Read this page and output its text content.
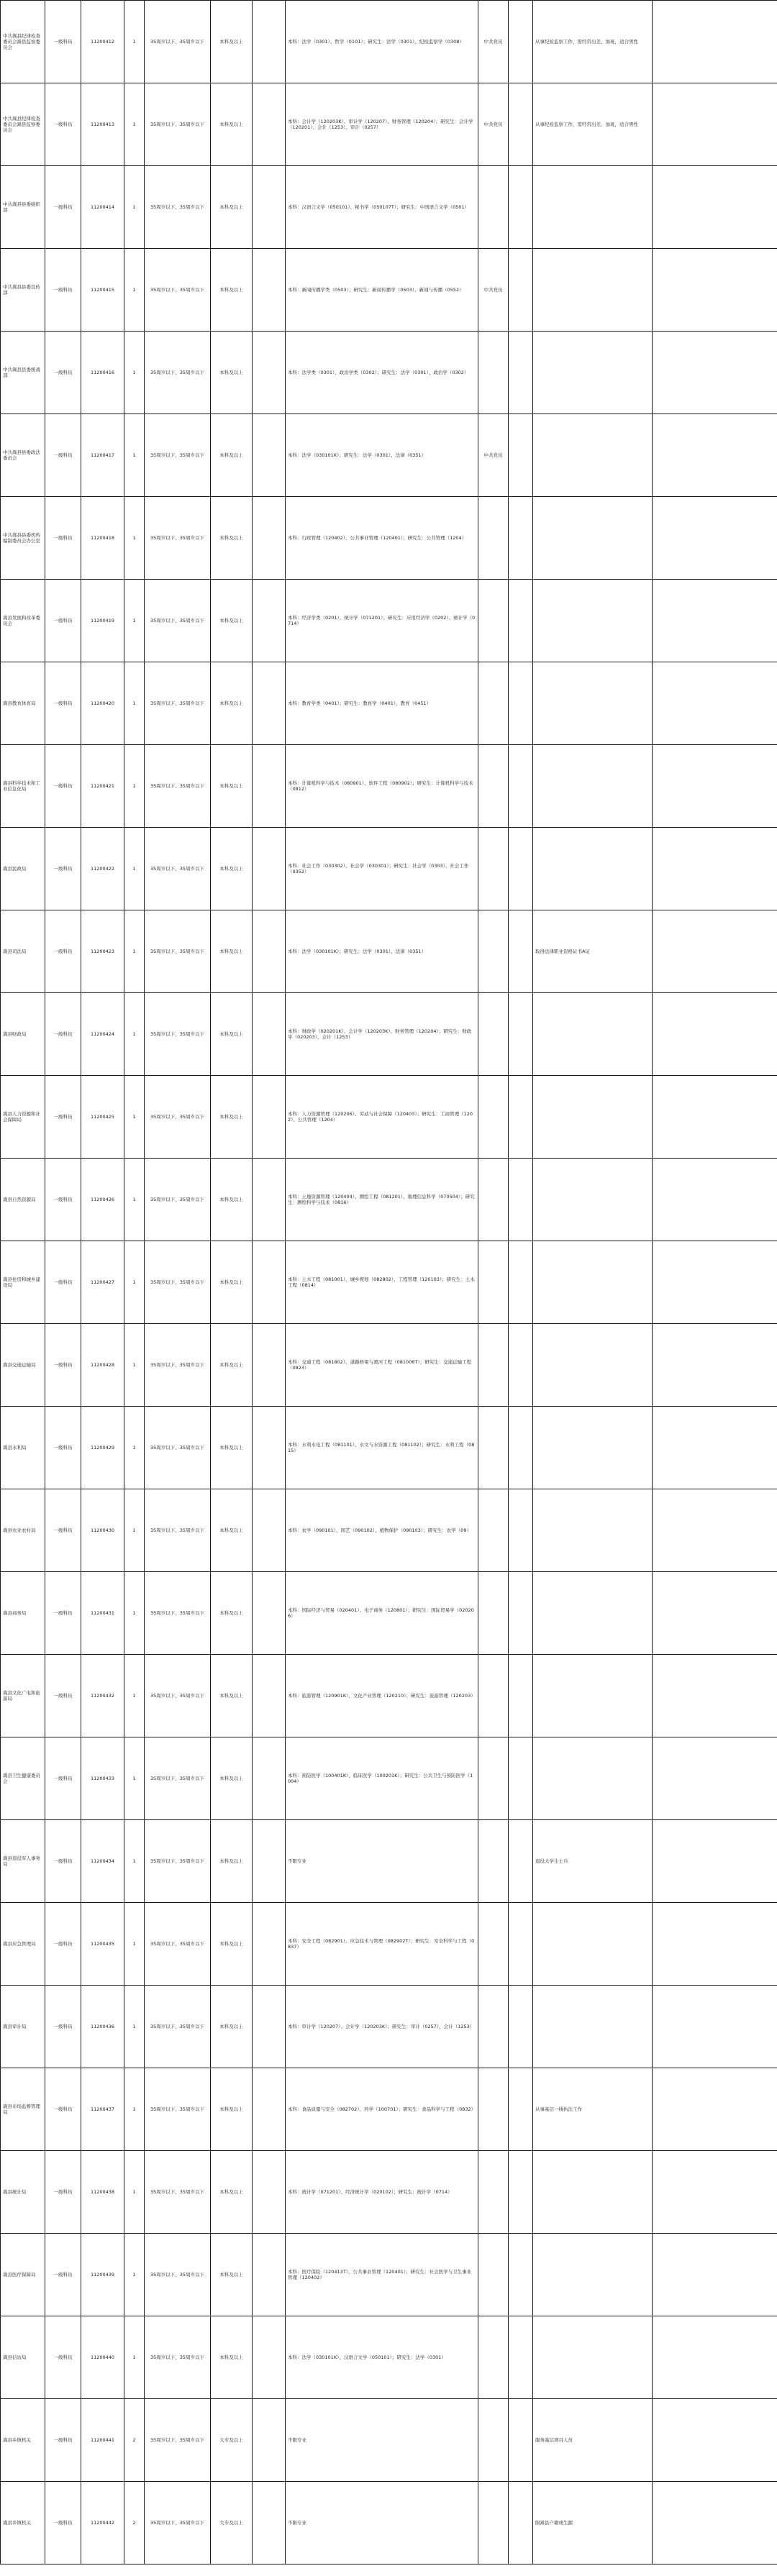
中共嵩县纪律检查委员会嵩县监察委员会	一级科员	11200412	1	35周岁以下、35周岁以下	本科及以上		本科：法学（0301）、哲学（0101）；研究生：法学（0301）、纪检监察学（0308）	中共党员		从事纪检监察工作，需经常出差、加班，适合男性	
中共嵩县纪律检查委员会嵩县监察委员会	一级科员	11200413	1	35周岁以下、35周岁以下	本科及以上		本科：会计学（120203K）、审计学（120207）、财务管理（120204）；研究生：会计学（120201）、会计（1253）、审计（0257）	中共党员		从事纪检监察工作，需经常出差、加班，适合男性	
中共嵩县县委组织部	一级科员	11200414	1	35周岁以下、35周岁以下	本科及以上		本科：汉语言文学（050101）、秘书学（050107T）；研究生：中国语言文学（0501）				
中共嵩县县委宣传部	一级科员	11200415	1	35周岁以下、35周岁以下	本科及以上		本科：新闻传播学类（0503）；研究生：新闻传播学（0503）、新闻与传播（0552）	中共党员			
中共嵩县县委统战部	一级科员	11200416	1	35周岁以下、35周岁以下	本科及以上		本科：法学类（0301）、政治学类（0302）；研究生：法学（0301）、政治学（0302）				
中共嵩县县委政法委员会	一级科员	11200417	1	35周岁以下、35周岁以下	本科及以上		本科：法学（030101K）；研究生：法学（0301）、法律（0351）	中共党员			
中共嵩县县委机构编制委员会办公室	一级科员	11200418	1	35周岁以下、35周岁以下	本科及以上		本科：行政管理（120402）、公共事业管理（120401）；研究生：公共管理（1204）				
嵩县发展和改革委员会	一级科员	11200419	1	35周岁以下、35周岁以下	本科及以上		本科：经济学类（0201）、统计学（071201）；研究生：应用经济学（0202）、统计学（0714）				
嵩县教育体育局	一级科员	11200420	1	35周岁以下、35周岁以下	本科及以上		本科：教育学类（0401）；研究生：教育学（0401）、教育（0451）				
嵩县科学技术和工业信息化局	一级科员	11200421	1	35周岁以下、35周岁以下	本科及以上		本科：计算机科学与技术（080901）、软件工程（080902）；研究生：计算机科学与技术（0812）				
嵩县民政局	一级科员	11200422	1	35周岁以下、35周岁以下	本科及以上		本科：社会工作（030302）、社会学（030301）；研究生：社会学（0303）、社会工作（0352）				
嵩县司法局	一级科员	11200423	1	35周岁以下、35周岁以下	本科及以上		本科：法学（030101K）；研究生：法学（0301）、法律（0351）			取得法律职业资格证书A证	
嵩县财政局	一级科员	11200424	1	35周岁以下、35周岁以下	本科及以上		本科：财政学（020201K）、会计学（120203K）、财务管理（120204）；研究生：财政学（020203）、会计（1253）				
嵩县人力资源和社会保障局	一级科员	11200425	1	35周岁以下、35周岁以下	本科及以上		本科：人力资源管理（120206）、劳动与社会保障（120403）；研究生：工商管理（1202）、公共管理（1204）				
嵩县自然资源局	一级科员	11200426	1	35周岁以下、35周岁以下	本科及以上		本科：土地资源管理（120404）、测绘工程（081201）、地理信息科学（070504）；研究生：测绘科学与技术（0816）				
嵩县住房和城乡建设局	一级科员	11200427	1	35周岁以下、35周岁以下	本科及以上		本科：土木工程（081001）、城乡规划（082802）、工程管理（120103）；研究生：土木工程（0814）				
嵩县交通运输局	一级科员	11200428	1	35周岁以下、35周岁以下	本科及以上		本科：交通工程（081802）、道路桥梁与渡河工程（081006T）；研究生：交通运输工程（0823）				
嵩县水利局	一级科员	11200429	1	35周岁以下、35周岁以下	本科及以上		本科：水利水电工程（081101）、水文与水资源工程（081102）；研究生：水利工程（0815）				
嵩县农业农村局	一级科员	11200430	1	35周岁以下、35周岁以下	本科及以上		本科：农学（090101）、园艺（090102）、植物保护（090103）；研究生：农学（09）				
嵩县商务局	一级科员	11200431	1	35周岁以下、35周岁以下	本科及以上		本科：国际经济与贸易（020401）、电子商务（120801）；研究生：国际贸易学（020206）				
嵩县文化广电和旅游局	一级科员	11200432	1	35周岁以下、35周岁以下	本科及以上		本科：旅游管理（120901K）、文化产业管理（120210）；研究生：旅游管理（120203）				
嵩县卫生健康委员会	一级科员	11200433	1	35周岁以下、35周岁以下	本科及以上		本科：预防医学（100401K）、临床医学（100201K）；研究生：公共卫生与预防医学（1004）				
嵩县退役军人事务局	一级科员	11200434	1	35周岁以下、35周岁以下	本科及以上		不限专业			退役大学生士兵	
嵩县应急管理局	一级科员	11200435	1	35周岁以下、35周岁以下	本科及以上		本科：安全工程（082901）、应急技术与管理（082902T）；研究生：安全科学与工程（0837）				
嵩县审计局	一级科员	11200436	1	35周岁以下、35周岁以下	本科及以上		本科：审计学（120207）、会计学（120203K）；研究生：审计（0257）、会计（1253）				
嵩县市场监督管理局	一级科员	11200437	1	35周岁以下、35周岁以下	本科及以上		本科：食品质量与安全（082702）、药学（100701）；研究生：食品科学与工程（0832）			从事基层一线执法工作	
嵩县统计局	一级科员	11200438	1	35周岁以下、35周岁以下	本科及以上		本科：统计学（071201）、经济统计学（020102）；研究生：统计学（0714）				
嵩县医疗保障局	一级科员	11200439	1	35周岁以下、35周岁以下	本科及以上		本科：医疗保险（120413T）、公共事业管理（120401）；研究生：社会医学与卫生事业管理（120402）				
嵩县信访局	一级科员	11200440	1	35周岁以下、35周岁以下	本科及以上		本科：法学（030101K）、汉语言文学（050101）；研究生：法学（0301）				
嵩县乡镇机关	一级科员	11200441	2	35周岁以下、35周岁以下	大专及以上		不限专业			服务基层项目人员	
嵩县乡镇机关	一级科员	11200442	2	35周岁以下、35周岁以下	大专及以上		不限专业			限嵩县户籍或生源	
